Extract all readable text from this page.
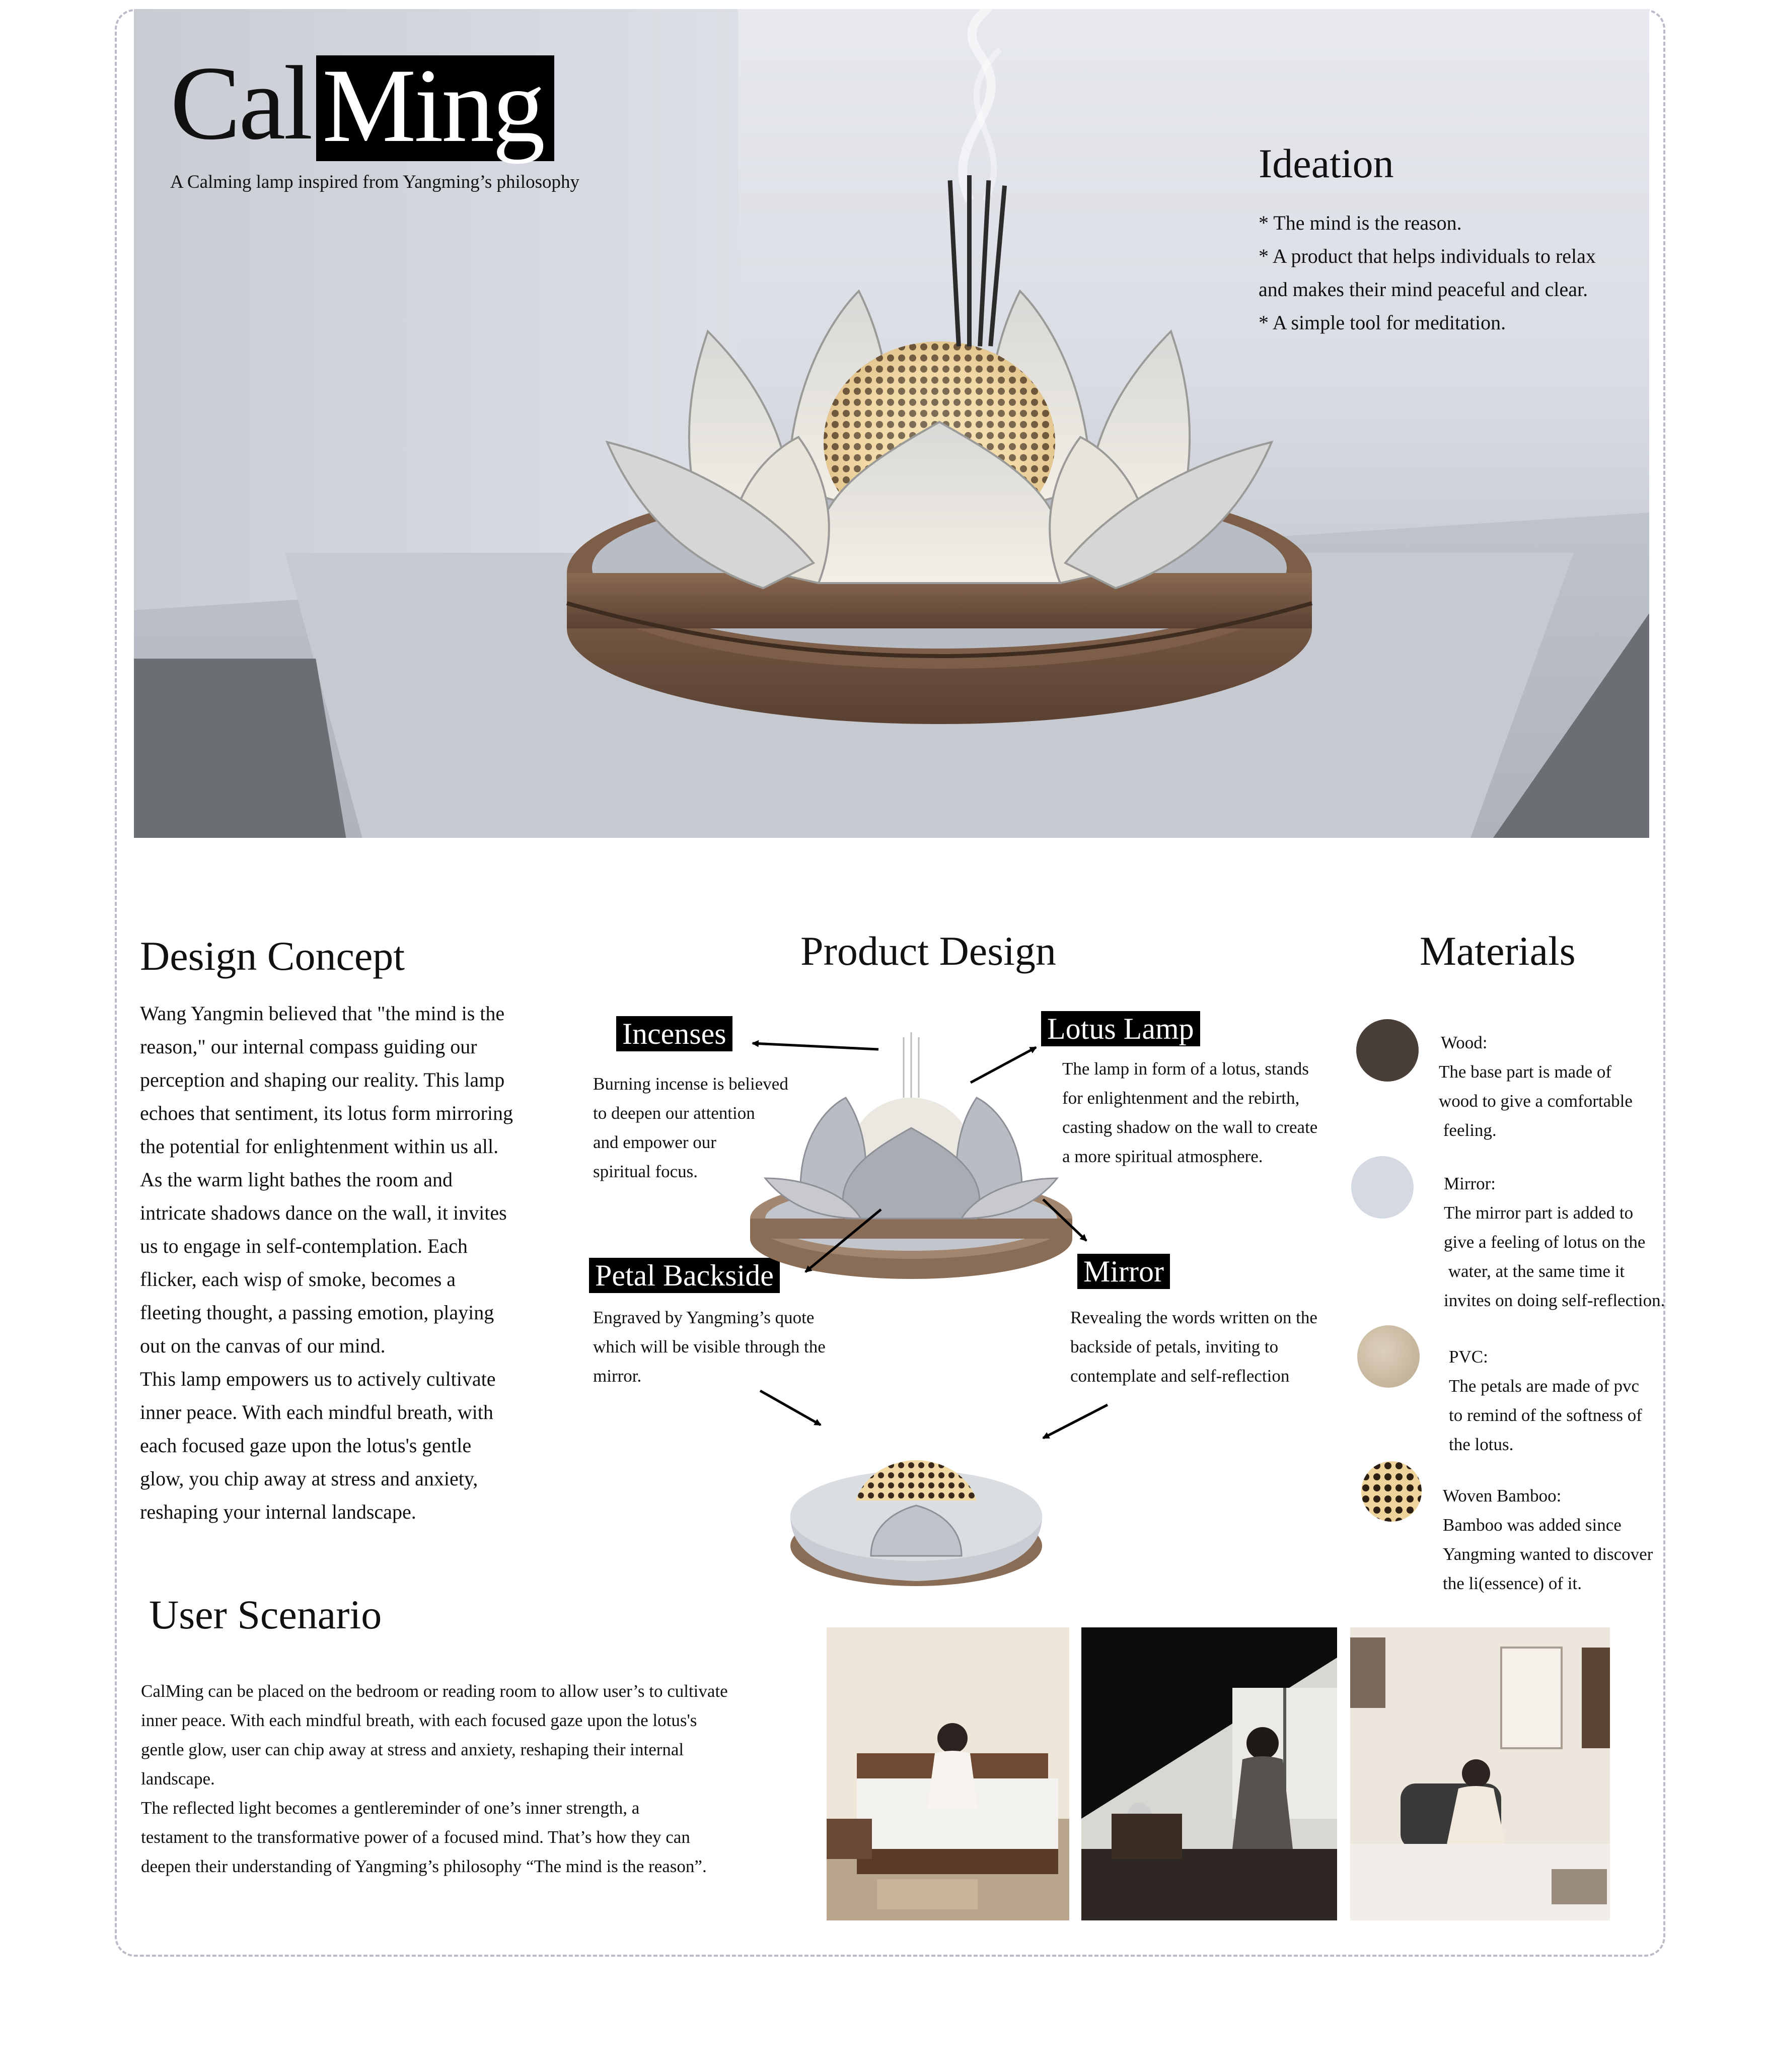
Cal Ming
A Calming lamp inspired from Yangming’s philosophy	Ideation
* The mind is the reason.
* A product that helps individuals to relax
and makes their mind peaceful and clear.
* A simple tool for meditation.
Design Concept
Wang Yangmin believed that "the mind is the
reason," our internal compass guiding our
perception and shaping our reality. This lamp
echoes that sentiment, its lotus form mirroring
the potential for enlightenment within us all.
As the warm light bathes the room and
intricate shadows dance on the wall, it invites
us to engage in self-contemplation. Each
flicker, each wisp of smoke, becomes a
fleeting thought, a passing emotion, playing
out on the canvas of our mind.
This lamp empowers us to actively cultivate
inner peace. With each mindful breath, with
each focused gaze upon the lotus's gentle
glow, you chip away at stress and anxiety,
reshaping your internal landscape.
Product Design
Incenses
Burning incense is believed
to deepen our attention
and empower our
spiritual focus.
Lotus Lamp
The lamp in form of a lotus, stands
for enlightenment and the rebirth,
casting shadow on the wall to create
a more spiritual atmosphere.
Petal Backside
Engraved by Yangming’s quote
which will be visible through the
mirror.
Mirror
Revealing the words written on the
backside of petals, inviting to
contemplate and self-reflection
Materials
Wood:
The base part is made of
wood to give a comfortable
feeling.
Mirror:
The mirror part is added to
give a feeling of lotus on the
water, at the same time it
invites on doing self-reflection.
PVC:
The petals are made of pvc
to remind of the softness of
the lotus.
Woven Bamboo:
Bamboo was added since
Yangming wanted to discover
the li(essence) of it.
User Scenario
CalMing can be placed on the bedroom or reading room to allow user’s to cultivate
inner peace. With each mindful breath, with each focused gaze upon the lotus's
gentle glow, user can chip away at stress and anxiety, reshaping their internal
landscape.
The reflected light becomes a gentlereminder of one’s inner strength, a
testament to the transformative power of a focused mind. That’s how they can
deepen their understanding of Yangming’s philosophy “The mind is the reason”.
